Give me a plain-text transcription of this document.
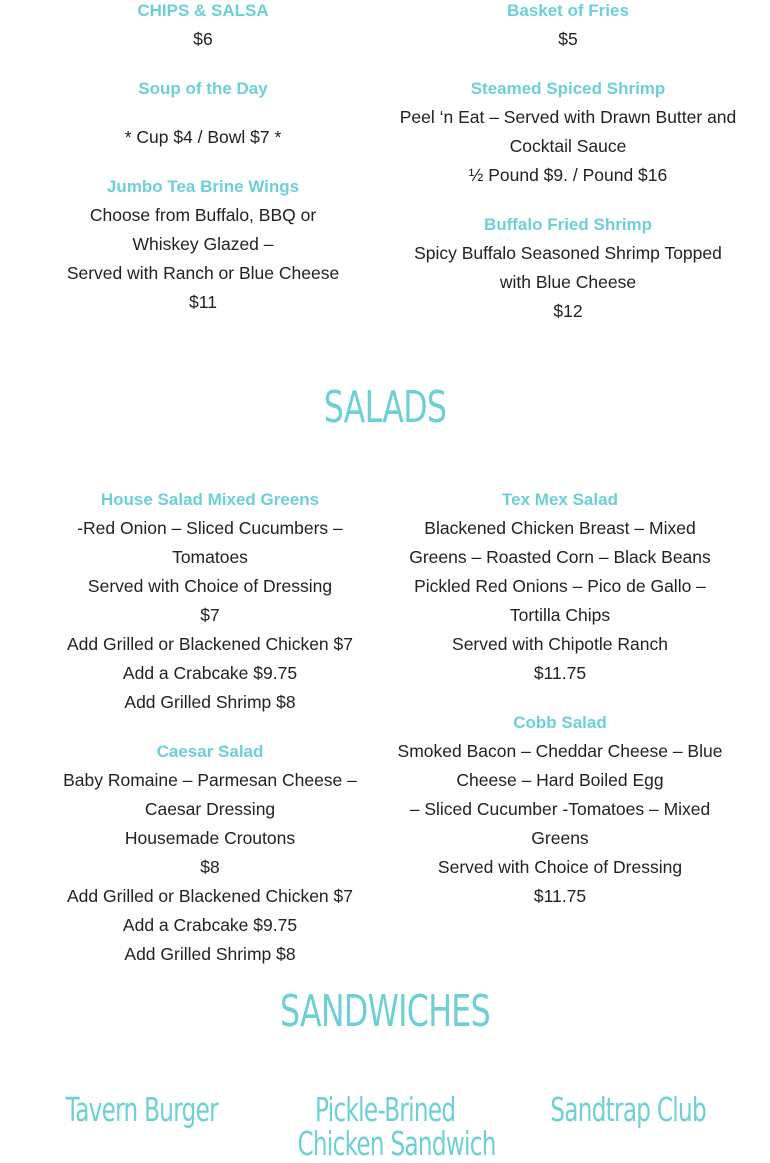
CHIPS & SALSA
$6
Soup of the Day
* Cup $4 / Bowl $7 *
Jumbo Tea Brine Wings
Choose from Buffalo, BBQ or
Whiskey Glazed –
Served with Ranch or Blue Cheese
$11
Basket of Fries
$5
Steamed Spiced Shrimp
Peel ‘n Eat – Served with Drawn Butter and
Cocktail Sauce
½ Pound $9. / Pound $16
Buffalo Fried Shrimp
Spicy Buffalo Seasoned Shrimp Topped
with Blue Cheese
$12
SALADS
House Salad Mixed Greens
-Red Onion – Sliced Cucumbers –
Tomatoes
Served with Choice of Dressing
$7
Add Grilled or Blackened Chicken $7
Add a Crabcake $9.75
Add Grilled Shrimp $8
Caesar Salad
Baby Romaine – Parmesan Cheese –
Caesar Dressing
Housemade Croutons
$8
Add Grilled or Blackened Chicken $7
Add a Crabcake $9.75
Add Grilled Shrimp $8
Tex Mex Salad
Blackened Chicken Breast – Mixed
Greens – Roasted Corn – Black Beans
Pickled Red Onions – Pico de Gallo –
Tortilla Chips
Served with Chipotle Ranch
$11.75
Cobb Salad
Smoked Bacon – Cheddar Cheese – Blue
Cheese – Hard Boiled Egg
– Sliced Cucumber -Tomatoes – Mixed
Greens
Served with Choice of Dressing
$11.75
SANDWICHES
Tavern Burger	Pickle-Brined
Chicken Sandwich
Sandtrap Club
